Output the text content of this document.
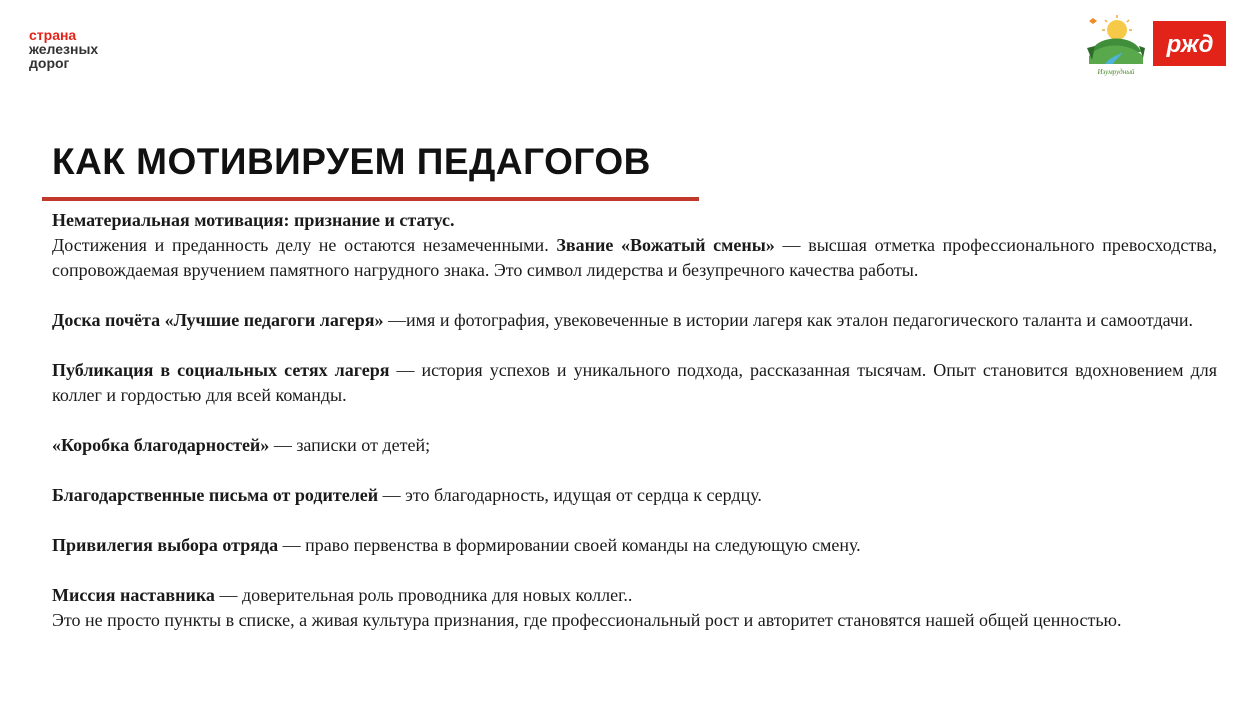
страна
железных
дорог
Изумрудный
ржд
КАК МОТИВИРУЕМ ПЕДАГОГОВ

Нематериальная мотивация: признание и статус.

Достижения и преданность делу не остаются незамеченными. Звание «Вожатый смены» — высшая отметка профессионального превосходства, сопровождаемая вручением памятного нагрудного знака. Это символ лидерства и безупречного качества работы.

Доска почёта «Лучшие педагоги лагеря» —имя и фотография, увековеченные в истории лагеря как эталон педагогического таланта и самоотдачи.

Публикация в социальных сетях лагеря — история успехов и уникального подхода, рассказанная тысячам. Опыт становится вдохновением для коллег и гордостью для всей команды.

«Коробка благодарностей» — записки от детей;

Благодарственные письма от родителей — это благодарность, идущая от сердца к сердцу.

Привилегия выбора отряда — право первенства в формировании своей команды на следующую смену.

Миссия наставника — доверительная роль проводника для новых коллег..

Это не просто пункты в списке, а живая культура признания, где профессиональный рост и авторитет становятся нашей общей ценностью.
